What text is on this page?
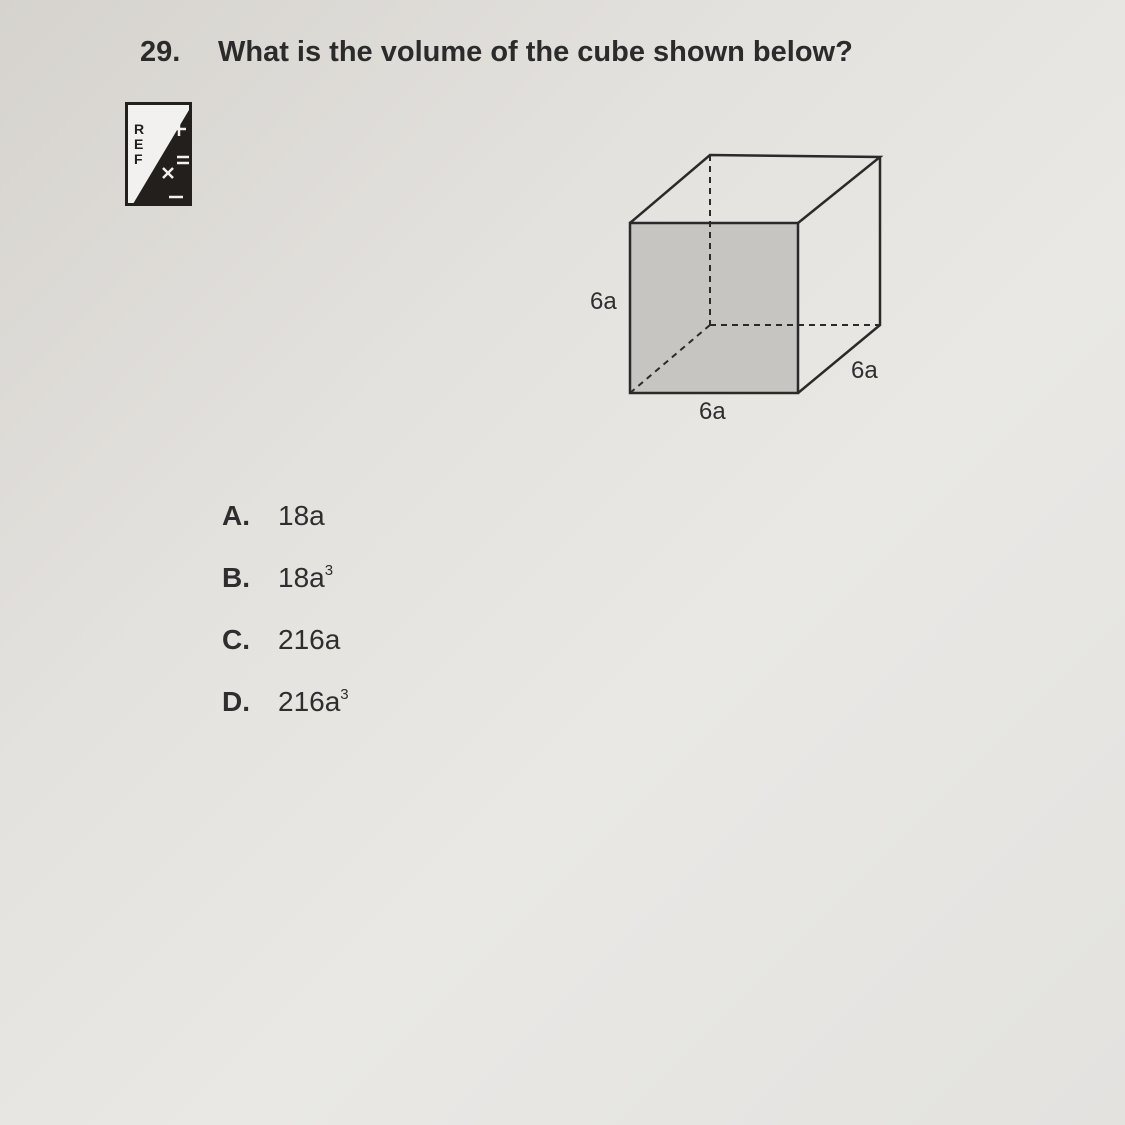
29. What is the volume of the cube shown below?
R
E
F
6a
6a
6a
A.	18a
B.	$18a^3$
C.	216a
D.	$216a^3$
